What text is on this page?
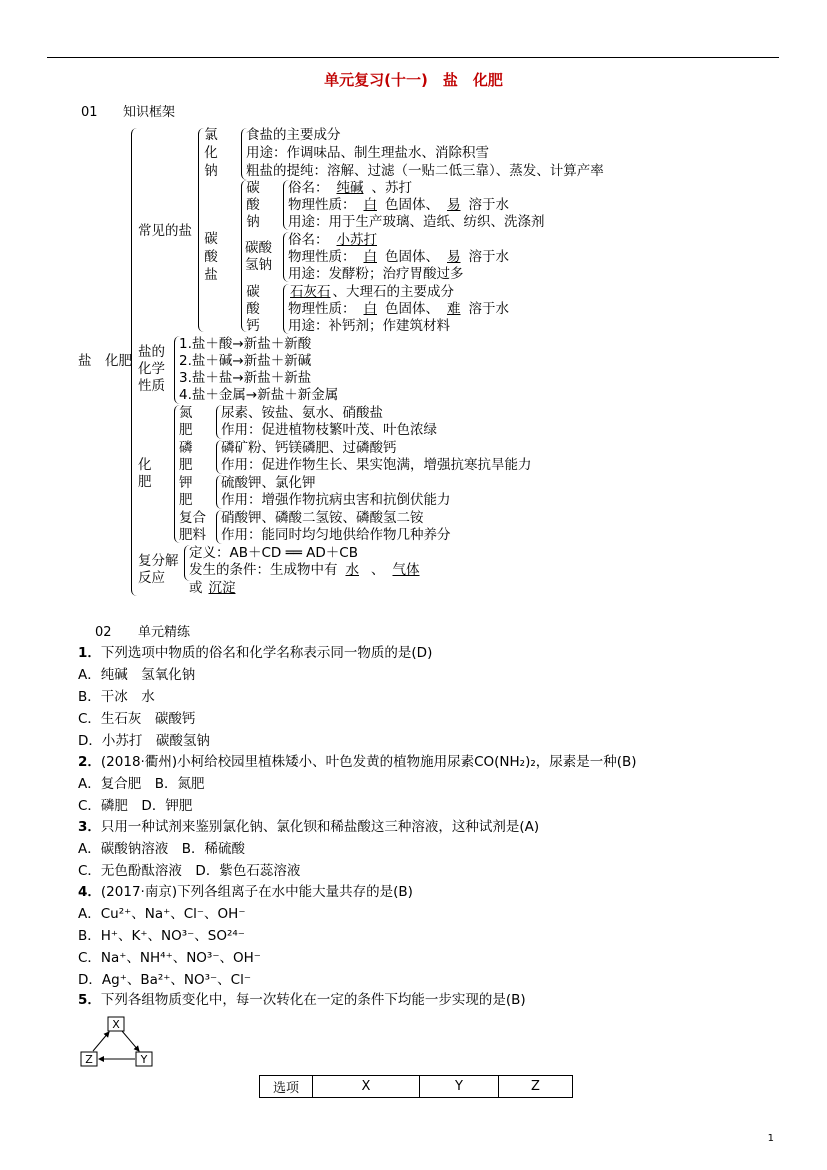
单元复习(十一)　盐　化肥
01 知识框架
盐　化肥
常见的盐
氯
化
钠
食盐的主要成分
用途：作调味品、制生理盐水、消除积雪
粗盐的提纯：溶解、过滤（一贴二低三靠）、蒸发、计算产率
碳
酸
盐
碳
酸
钠
俗名： 纯碱 、苏打
物理性质： 白 色固体、 易 溶于水
用途：用于生产玻璃、造纸、纺织、洗涤剂
碳酸
氢钠
俗名： 小苏打
物理性质： 白 色固体、 易 溶于水
用途：发酵粉；治疗胃酸过多
碳
酸
钙
石灰石 、大理石的主要成分
物理性质： 白 色固体、 难 溶于水
用途：补钙剂；作建筑材料
盐的
化学
性质
1.盐＋酸→新盐＋新酸
2.盐＋碱→新盐＋新碱
3.盐＋盐→新盐＋新盐
4.盐＋金属→新盐＋新金属
化
肥
氮
肥
尿素、铵盐、氨水、硝酸盐
作用：促进植物枝繁叶茂、叶色浓绿
磷
肥
磷矿粉、钙镁磷肥、过磷酸钙
作用：促进作物生长、果实饱满，增强抗寒抗旱能力
钾
肥
硫酸钾、氯化钾
作用：增强作物抗病虫害和抗倒伏能力
复合
肥料
硝酸钾、磷酸二氢铵、磷酸氢二铵
作用：能同时均匀地供给作物几种养分
复分解
反应
定义：AB＋CD ══ AD＋CB
发生的条件：生成物中有 水 、 气体
或 沉淀
02 单元精练
1．下列选项中物质的俗名和化学名称表示同一物质的是(D)
A．纯碱　氢氧化钠
B．干冰　水
C．生石灰　碳酸钙
D．小苏打　碳酸氢钠
2．(2018·衢州)小柯给校园里植株矮小、叶色发黄的植物施用尿素CO(NH₂)₂，尿素是一种(B)
A．复合肥　B．氮肥
C．磷肥　D．钾肥
3．只用一种试剂来鉴别氯化钠、氯化钡和稀盐酸这三种溶液，这种试剂是(A)
A．碳酸钠溶液　B．稀硫酸
C．无色酚酞溶液　D．紫色石蕊溶液
4．(2017·南京)下列各组离子在水中能大量共存的是(B)
A．Cu²⁺、Na⁺、Cl⁻、OH⁻
B．H⁺、K⁺、NO³⁻、SO²⁴⁻
C．Na⁺、NH⁴⁺、NO³⁻、OH⁻
D．Ag⁺、Ba²⁺、NO³⁻、Cl⁻
5．下列各组物质变化中，每一次转化在一定的条件下均能一步实现的是(B)
X
Y
Z
选项	X	Y	Z
1
